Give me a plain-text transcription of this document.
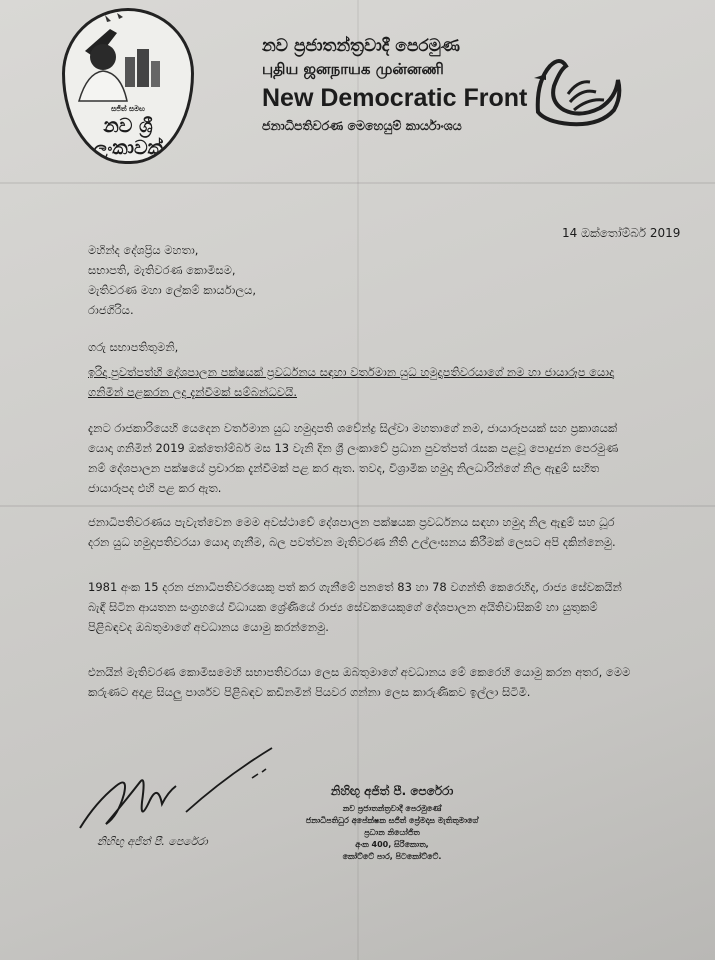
සජිත් සමඟ
නව ශ්‍රී ලංකාවක්
නව ප්‍රජාතන්ත්‍රවාදී පෙරමුණ
புதிய ஜனநாயக முன்னணி
New Democratic Front
ජනාධිපතිවරණ මෙහෙයුම් කාර්යාංශය
14 ඔක්තෝම්බර් 2019
මහින්ද දේශප්‍රිය මහතා,
සභාපති, මැතිවරණ කොමිසම,
මැතිවරණ මහා ලේකම් කාර්යාලය,
රාජගිරිය.
ගරු සභාපතිතුමනි,
ඉරිදා පුවත්පත්හි දේශපාලන පක්ෂයක් ප්‍රවර්ධනය සඳහා වර්තමාන යුධ හමුදාපතිවරයාගේ නම හා ජායාරූප යොදා ගනිමින් පළකරන ලද දැන්වීමක් සම්බන්ධවයි.
දැනට රාජකාරියෙහි යෙදෙන වර්තමාන යුධ හමුදාපති ශවේන්ද්‍ර සිල්වා මහතාගේ නම, ජායාරූපයක් සහ ප්‍රකාශයක් යොදා ගනිමින් 2019 ඔක්තෝම්බර් මස 13 වැනි දින ශ්‍රී ලංකාවේ ප්‍රධාන පුවත්පත් රැසක පළවූ පොදුජන පෙරමුණ නම් දේශපාලන පක්ෂයේ ප්‍රචාරක දැන්වීමක් පළ කර ඇත. තවද, විශ්‍රාමික හමුදා නිලධාරින්ගේ නිල ඇඳුම් සහිත ජායාරූපද එහි පළ කර ඇත.
ජනාධිපතිවරණය පැවැත්වෙන මෙම අවස්ථාවේ දේශපාලන පක්ෂයක ප්‍රවර්ධනය සඳහා හමුදා නිල ඇඳුම් සහ ධූර දරන යුධ හමුදාපතිවරයා යොදා ගැනීම, බල පවත්වන මැතිවරණ නීති උල්ලංඝනය කිරීමක් ලෙසට අපි දකින්නෙමු.
1981 අංක 15 දරන ජනාධිපතිවරයෙකු පත් කර ගැනීමේ පනතේ 83 හා 78 වගන්ති කෙරෙහිද, රාජ්‍ය සේවකයින් බැඳී සිටින ආයතන සංග්‍රහයේ විධායක ශ්‍රේණියේ රාජ්‍ය සේවකයෙකුගේ දේශපාලන අයිතිවාසිකම් හා යුතුකම් පිළිබඳවද ඔබතුමාගේ අවධානය යොමු කරන්නෙමු.
එනයින් මැතිවරණ කොමිසමෙහි සභාපතිවරයා ලෙස ඔබතුමාගේ අවධානය මේ කෙරෙහි යොමු කරන අතර, මෙම කරුණට අදාළ සියලු පාර්ශව පිළිබඳව කඩිනමින් පියවර ගන්නා ලෙස කාරුණිකව ඉල්ලා සිටිමි.
නිහිඟු අජිත් පී. පෙරේරා
නිහිඟු අජිත් පී. පෙරේරා
නව ප්‍රජාතන්ත්‍රවාදී පෙරමුණේ
ජනාධිපතිධුර අපේක්ෂක සජිත් ප්‍රේමදාස මැතිතුමාගේ
ප්‍රධාන නියෝජිත
අංක 400, සිරිකොත,
කෝට්ටේ පාර, පිටකෝට්ටේ.
